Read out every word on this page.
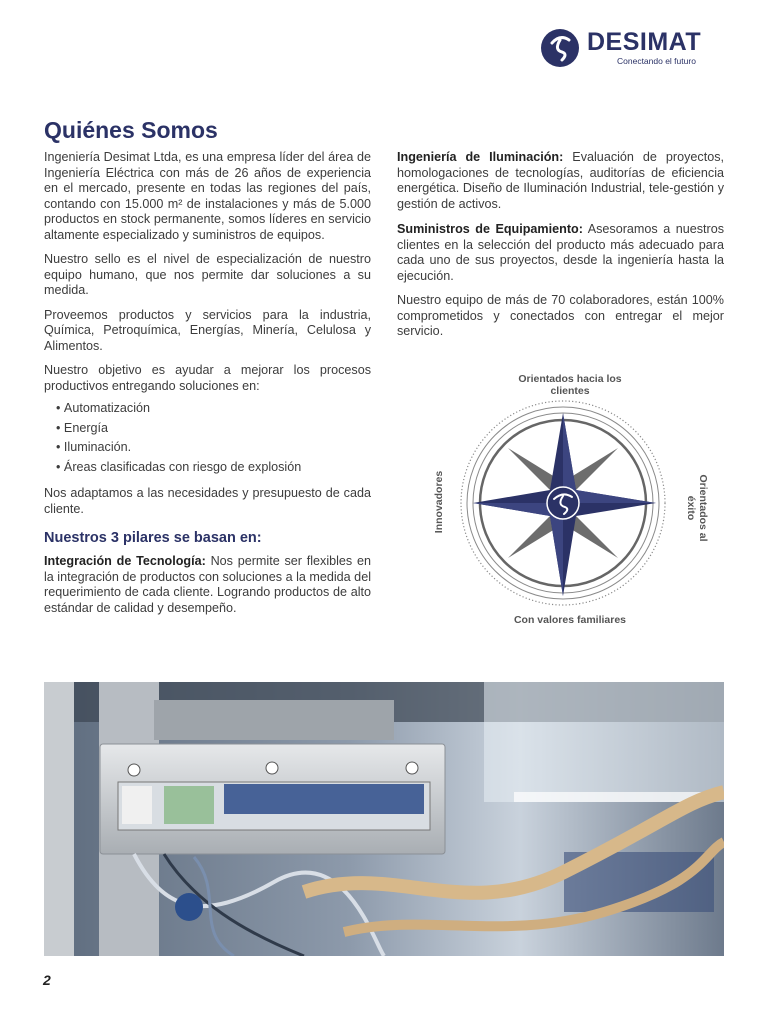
DESIMAT
Conectando el futuro
Quiénes Somos

Ingeniería Desimat Ltda, es una empresa líder del área de Ingeniería Eléctrica con más de 26 años de experiencia en el mercado, presente en todas las regiones del país, contando con 15.000 m² de instalaciones y más de 5.000 productos en stock permanente, somos líderes en servicio altamente especializado y suministros de equipos.

Nuestro sello es el nivel de especialización de nuestro equipo humano, que nos permite dar soluciones a su medida.

Proveemos productos y servicios para la industria, Química, Petroquímica, Energías, Minería, Celulosa y Alimentos.

Nuestro objetivo es ayudar a mejorar los procesos productivos entregando soluciones en:

• Automatización
• Energía
• Iluminación.
• Áreas clasificadas con riesgo de explosión

Nos adaptamos a las necesidades y presupuesto de cada cliente.

Nuestros 3 pilares se basan en:

Integración de Tecnología: Nos permite ser flexibles en la integración de productos con soluciones a la medida del requerimiento de cada cliente. Logrando productos de alto estándar de calidad y desempeño.

Ingeniería de Iluminación: Evaluación de proyectos, homologaciones de tecnologías, auditorías de eficiencia energética. Diseño de Iluminación Industrial, tele-gestión y gestión de activos.

Suministros de Equipamiento: Asesoramos a nuestros clientes en la selección del producto más adecuado para cada uno de sus proyectos, desde la ingeniería hasta la ejecución.

Nuestro equipo de más de 70 colaboradores, están 100% comprometidos y conectados con entregar el mejor servicio.

Orientados hacia los clientes
Con valores familiares
Innovadores	Orientados al éxito
2
